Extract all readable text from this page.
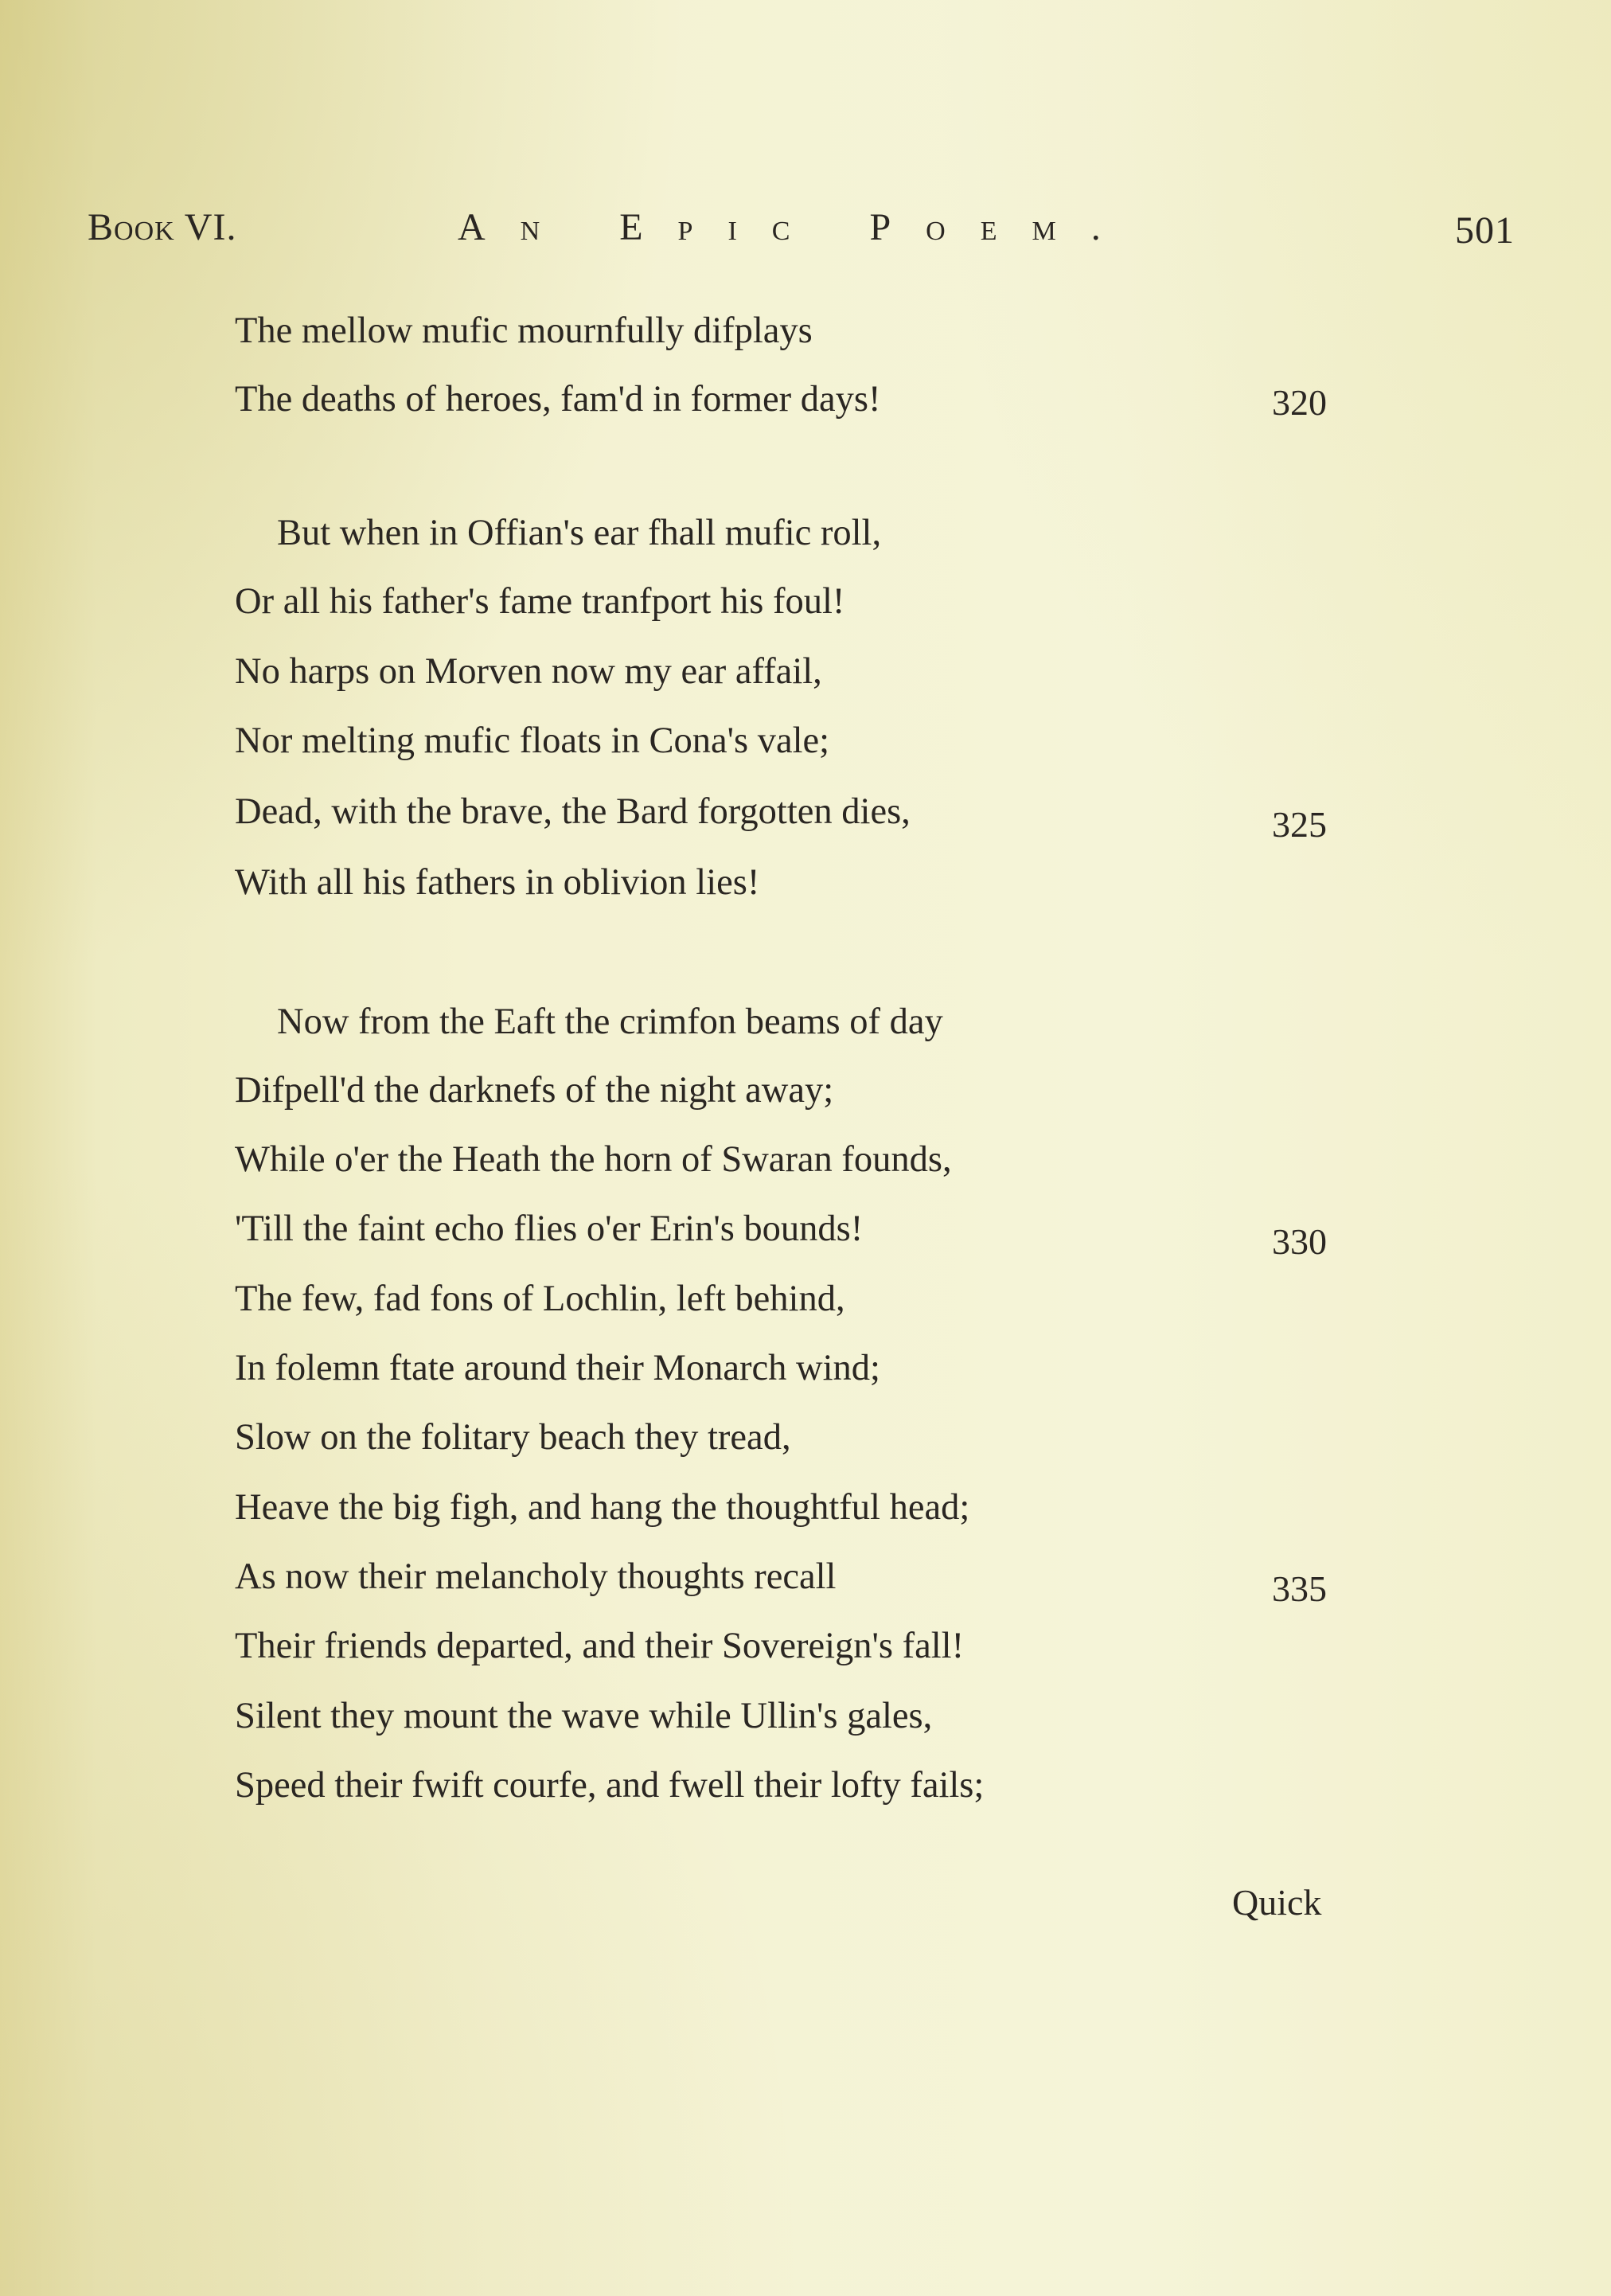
Book VI.	An Epic Poem.	501
The mellow mufic mournfully difplays
The deaths of heroes, fam'd in former days!	320
But when in Offian's ear fhall mufic roll,
Or all his father's fame tranfport his foul!
No harps on Morven now my ear affail,
Nor melting mufic floats in Cona's vale;
Dead, with the brave, the Bard forgotten dies,	325
With all his fathers in oblivion lies!
Now from the Eaft the crimfon beams of day
Difpell'd the darknefs of the night away;
While o'er the Heath the horn of Swaran founds,
'Till the faint echo flies o'er Erin's bounds!	330
The few, fad fons of Lochlin, left behind,
In folemn ftate around their Monarch wind;
Slow on the folitary beach they tread,
Heave the big figh, and hang the thoughtful head;
As now their melancholy thoughts recall	335
Their friends departed, and their Sovereign's fall!
Silent they mount the wave while Ullin's gales,
Speed their fwift courfe, and fwell their lofty fails;
Quick
